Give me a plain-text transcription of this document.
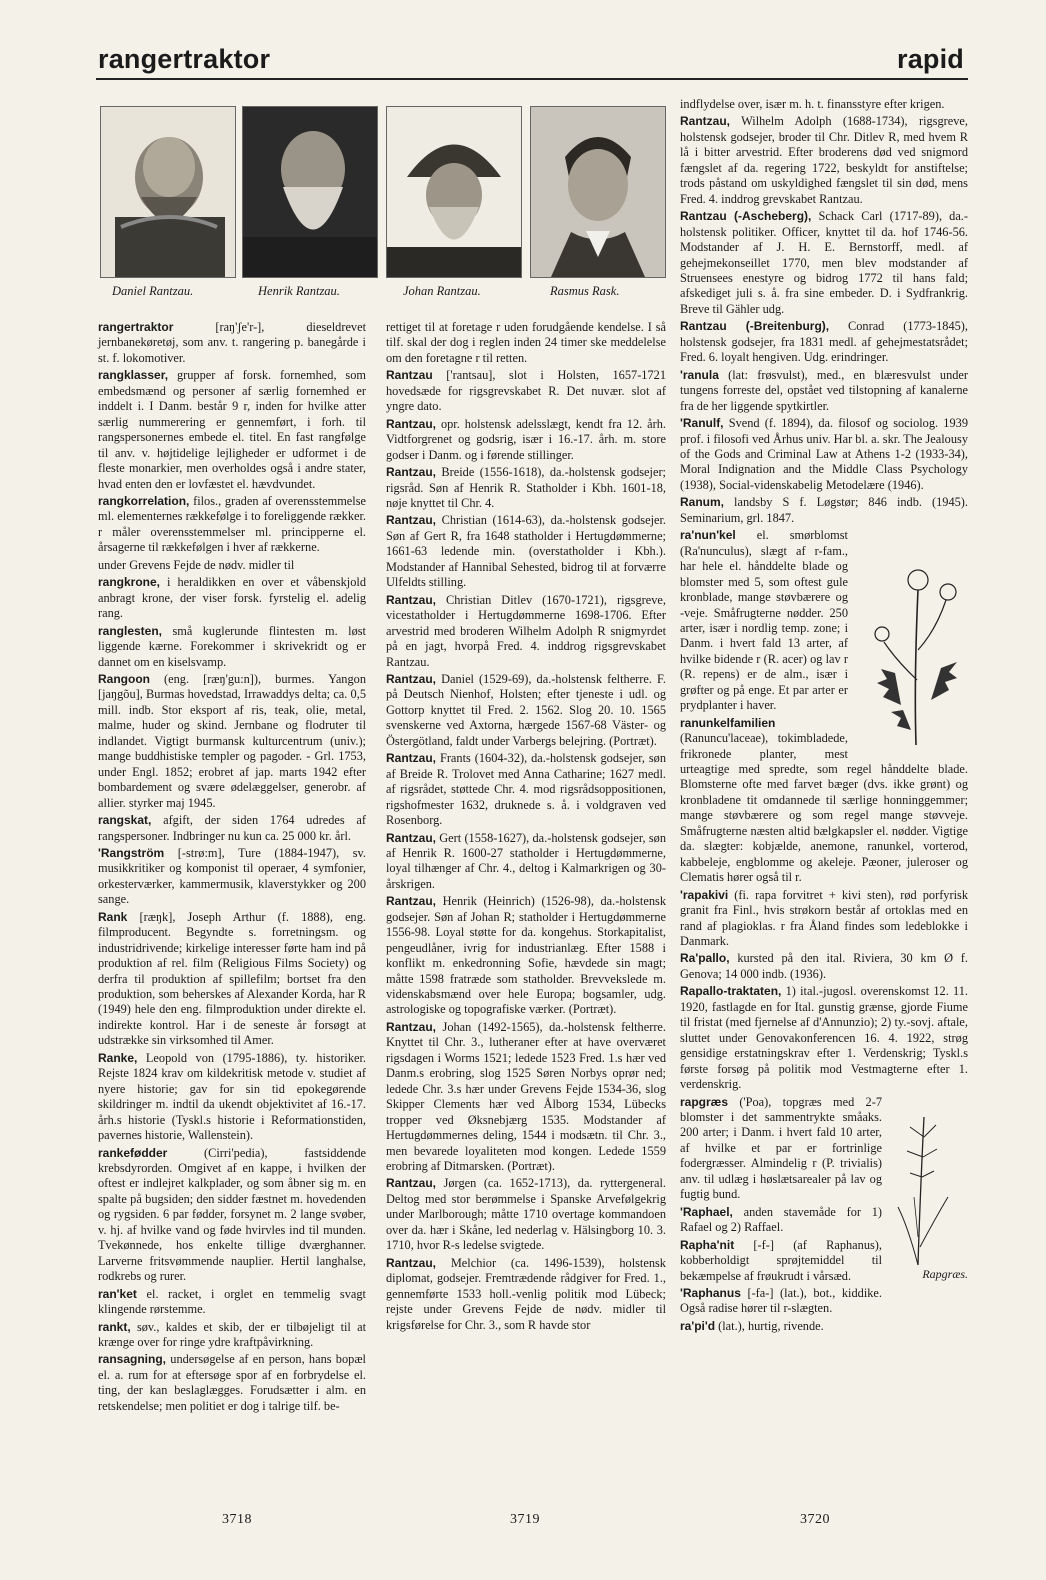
rangertraktor	rapid
Daniel Rantzau.	Henrik Rantzau.	Johan Rantzau.	Rasmus Rask.

rangertraktor	[raŋ'ʃe'r-], dieseldrevet jernbanekøretøj, som anv. t. rangering p. banegårde i st. f. lokomotiver.

rangklasser, grupper af forsk. fornemhed, som embedsmænd og personer af særlig fornemhed er inddelt i. I Danm. består 9 r, inden for hvilke atter særlig nummerering er gennemført, i forh. til rangspersonernes embede el. titel. En fast rangfølge til anv. v. højtidelige lejligheder er udformet i de fleste monarkier, men overholdes også i andre stater, hvad enten den er lovfæstet el. hævdvundet.

rangkorrelation, filos., graden af overensstemmelse ml. elementernes rækkefølge i to foreliggende rækker. r måler overensstemmelser ml. principperne el. årsagerne til rækkefølgen i hver af rækkerne.

under Grevens Fejde de nødv. midler til

rangkrone, i heraldikken en over et våbenskjold anbragt krone, der viser forsk. fyrstelig el. adelig rang.

ranglesten, små kuglerunde flintesten m. løst liggende kærne. Forekommer i skrivekridt og er dannet om en kiselsvamp.

Rangoon (eng. [ræŋ'gu:n]), burmes. Yangon [jaŋgõu], Burmas hovedstad, Irrawaddys delta; ca. 0,5 mill. indb. Stor eksport af ris, teak, olie, metal, malme, huder og skind. Jernbane og flodruter til indlandet. Vigtigt burmansk kulturcentrum (univ.); mange buddhistiske templer og pagoder. - Grl. 1753, under Engl. 1852; erobret af jap. marts 1942 efter bombardement og svære ødelæggelser, generobr. af allier. styrker maj 1945.

rangskat, afgift, der siden 1764 udredes af rangspersoner. Indbringer nu kun ca. 25 000 kr. årl.

'Rangström [-strø:m], Ture (1884-1947), sv. musikkritiker og komponist til operaer, 4 symfonier, orkesterværker, kammermusik, klaverstykker og 200 sange.

Rank [ræŋk], Joseph Arthur (f. 1888), eng. filmproducent. Begyndte s. forretningsm. og industridrivende; kirkelige interesser førte ham ind på produktion af rel. film (Religious Films Society) og derfra til produktion af spillefilm; bortset fra den produktion, som beherskes af Alexander Korda, har R (1949) hele den eng. filmproduktion under direkte el. indirekte kontrol. Har i de seneste år forsøgt at udstrække sin virksomhed til Amer.

Ranke, Leopold von (1795-1886), ty. historiker. Rejste 1824 krav om kildekritisk metode v. studiet af nyere historie; gav for sin tid epokegørende skildringer m. indtil da ukendt objektivitet af 16.-17. årh.s historie (Tyskl.s historie i Reformationstiden, pavernes historie, Wallenstein).

rankefødder	(Cirri'pedia), fastsiddende krebsdyrorden. Omgivet af en kappe, i hvilken der oftest er indlejret kalkplader, og som åbner sig m. en spalte på bugsiden; den sidder fæstnet m. hovedenden og rygsiden. 6 par fødder, forsynet m. 2 lange svøber, v. hj. af hvilke vand og føde hvirvles ind til munden. Tvekønnede, hos enkelte tillige dværghanner. Larverne fritsvømmende nauplier. Hertil langhalse, rodkrebs og rurer.

ran'ket el. racket, i orglet en temmelig svagt klingende rørstemme.

rankt, søv., kaldes et skib, der er tilbøjeligt til at krænge over for ringe ydre kraftpåvirkning.

ransagning, undersøgelse af en person, hans bopæl el. a. rum for at eftersøge spor af en forbrydelse el. ting, der kan beslaglægges. Forudsætter i alm. en retskendelse; men politiet er dog i talrige tilf. be-

rettiget til at foretage r uden forudgående kendelse. I så tilf. skal der dog i reglen inden 24 timer ske meddelelse om den foretagne r til retten.

Rantzau ['rantsau], slot i Holsten, 1657-1721 hovedsæde for rigsgrevskabet R. Det nuvær. slot af yngre dato.

Rantzau, opr. holstensk adelsslægt, kendt fra 12. årh. Vidtforgrenet og godsrig, især i 16.-17. årh. m. store godser i Danm. og i førende stillinger.

Rantzau, Breide (1556-1618), da.-holstensk godsejer; rigsråd. Søn af Henrik R. Statholder i Kbh. 1601-18, nøje knyttet til Chr. 4.

Rantzau, Christian (1614-63), da.-holstensk godsejer. Søn af Gert R, fra 1648 statholder i Hertugdømmerne; 1661-63 ledende min. (overstatholder i Kbh.). Modstander af Hannibal Sehested, bidrog til at forværre Ulfeldts stilling.

Rantzau, Christian Ditlev (1670-1721), rigsgreve, vicestatholder i Hertugdømmerne 1698-1706. Efter arvestrid med broderen Wilhelm Adolph R snigmyrdet på en jagt, hvorpå Fred. 4. inddrog rigsgrevskabet Rantzau.

Rantzau, Daniel (1529-69), da.-holstensk feltherre. F. på Deutsch Nienhof, Holsten; efter tjeneste i udl. og Gottorp knyttet til Fred. 2. 1562. Slog 20. 10. 1565 svenskerne ved Axtorna, hærgede 1567-68 Väster- og Östergötland, faldt under Varbergs belejring. (Portræt).

Rantzau, Frants (1604-32), da.-holstensk godsejer, søn af Breide R. Trolovet med Anna Catharine; 1627 medl. af rigsrådet, støttede Chr. 4. mod rigsrådsoppositionen, rigshofmester 1632, druknede s. å. i voldgraven ved Rosenborg.

Rantzau, Gert (1558-1627), da.-holstensk godsejer, søn af Henrik R. 1600-27 statholder i Hertugdømmerne, loyal tilhænger af Chr. 4., deltog i Kalmarkrigen og 30-årskrigen.

Rantzau, Henrik (Heinrich) (1526-98), da.-holstensk godsejer. Søn af Johan R; statholder i Hertugdømmerne 1556-98. Loyal støtte for da. kongehus. Storkapitalist, pengeudlåner, ivrig for industrianlæg. Efter 1588 i konflikt m. enkedronning Sofie, hævdede sin magt; måtte 1598 fratræde som statholder. Brevvekslede m. videnskabsmænd over hele Europa; bogsamler, udg. astrologiske og topografiske værker. (Portræt).

Rantzau, Johan (1492-1565), da.-holstensk feltherre. Knyttet til Chr. 3., lutheraner efter at have overværet rigsdagen i Worms 1521; ledede 1523 Fred. 1.s hær ved Danm.s erobring, slog 1525 Søren Norbys oprør ned; ledede Chr. 3.s hær under Grevens Fejde 1534-36, slog Skipper Clements hær ved Ålborg 1534, Lübecks tropper ved Øksnebjærg 1535. Modstander af Hertugdømmernes deling, 1544 i modsætn. til Chr. 3., men bevarede loyaliteten mod kongen. Ledede 1559 erobring af Ditmarsken. (Portræt).

Rantzau, Jørgen (ca. 1652-1713), da. ryttergeneral. Deltog med stor berømmelse i Spanske Arvefølgekrig under Marlborough; måtte 1710 overtage kommandoen over da. hær i Skåne, led nederlag v. Hälsingborg 10. 3. 1710, hvor R-s ledelse svigtede.

Rantzau, Melchior (ca. 1496-1539), holstensk diplomat, godsejer. Fremtrædende rådgiver for Fred. 1., gennemførte 1533 holl.-venlig politik mod Lübeck; rejste under Grevens Fejde de nødv. midler til krigsførelse for Chr. 3., som R havde stor

indflydelse over, især m. h. t. finansstyre efter krigen.

Rantzau, Wilhelm Adolph (1688-1734), rigsgreve, holstensk godsejer, broder til Chr. Ditlev R, med hvem R lå i bitter arvestrid. Efter broderens død ved snigmord fængslet af da. regering 1722, beskyldt for anstiftelse; trods påstand om uskyldighed fængslet til sin død, mens Fred. 4. inddrog grevskabet Rantzau.

Rantzau (-Ascheberg), Schack Carl (1717-89), da.-holstensk politiker. Officer, knyttet til da. hof 1746-56. Modstander af J. H. E. Bernstorff, medl. af gehejmekonseillet 1770, men blev modstander af Struensees enestyre og bidrog 1772 til hans fald; afskediget juli s. å. fra sine embeder. D. i Sydfrankrig. Breve til Gähler udg.

Rantzau (-Breitenburg), Conrad (1773-1845), holstensk godsejer, fra 1831 medl. af gehejmestatsrådet; Fred. 6. loyalt hengiven. Udg. erindringer.

'ranula (lat: frøsvulst), med., en blæresvulst under tungens forreste del, opstået ved tilstopning af kanalerne fra de her liggende spytkirtler.

'Ranulf, Svend (f. 1894), da. filosof og sociolog. 1939 prof. i filosofi ved Århus univ. Har bl. a. skr. The Jealousy of the Gods and Criminal Law at Athens 1-2 (1933-34), Moral Indignation and the Middle Class Psychology (1938), Social-videnskabelig Metodelære (1946).

Ranum, landsby S f. Løgstør; 846 indb. (1945). Seminarium, grl. 1847.

ra'nun'kel el. smørblomst (Ra'nunculus), slægt af r-fam., har hele el. hånddelte blade og blomster med 5, som oftest gule kronblade, mange støvbærere og -veje. Småfrugterne nødder. 250 arter, især i nordlig temp. zone; i Danm. i hvert fald 13 arter, af hvilke bidende r (R. acer) og lav r (R. repens) er de alm., især i grøfter og på enge. Et par arter er prydplanter i haver.

ranunkelfamilien (Ranuncu'laceae), tokimbladede, frikronede planter, mest urteagtige med spredte, som regel hånddelte blade. Blomsterne ofte med farvet bæger (dvs. ikke grønt) og kronbladene tit omdannede til særlige honninggemmer; mange støvbærere og som regel mange støvveje. Småfrugterne næsten altid bælgkapsler el. nødder. Vigtige da. slægter: kobjælde, anemone, ranunkel, vorterod, kabbeleje, engblomme og akeleje. Pæoner, juleroser og Clematis hører også til r.

'rapakivi (fi. rapa forvitret + kivi sten), rød porfyrisk granit fra Finl., hvis strøkorn består af ortoklas med en rand af plagioklas. r fra Åland findes som ledeblokke i Danmark.

Ra'pallo, kursted på den ital. Riviera, 30 km Ø f. Genova; 14 000 indb. (1936).

Rapallo-traktaten, 1) ital.-jugosl. overenskomst 12. 11. 1920, fastlagde en for Ital. gunstig grænse, gjorde Fiume til fristat (med fjernelse af d'Annunzio); 2) ty.-sovj. aftale, sluttet under Genovakonferencen 16. 4. 1922, strøg gensidige erstatningskrav efter 1. Verdenskrig; Tyskl.s første forsøg på politik mod Vestmagterne efter 1. verdenskrig.

Rapgræs.

rapgræs ('Poa), topgræs med 2-7 blomster i det sammentrykte småaks. 200 arter; i Danm. i hvert fald 10 arter, af hvilke et par er fortrinlige fodergræsser. Almindelig r (P. trivialis) anv. til udlæg i høslætsarealer på lav og fugtig bund.

'Raphael, anden stavemåde for 1) Rafael og 2) Raffael.

Rapha'nit [-f-] (af Raphanus), kobberholdigt sprøjtemiddel til bekæmpelse af frøukrudt i vårsæd.

'Raphanus [-fa-] (lat.), bot., kiddike. Også radise hører til r-slægten.

ra'pi'd (lat.), hurtig, rivende.

3718	3719	3720
